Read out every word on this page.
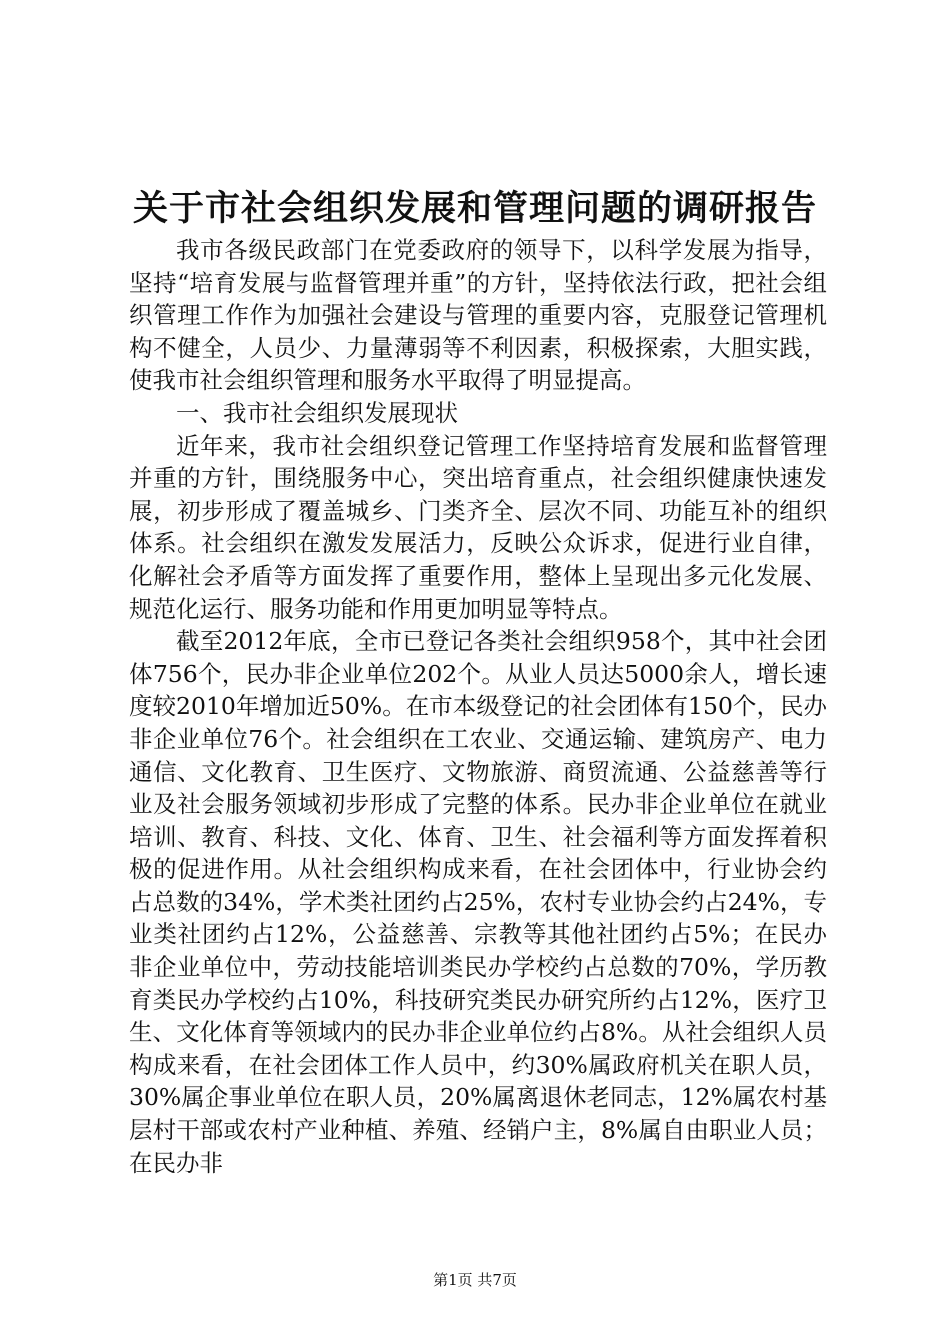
关于市社会组织发展和管理问题的调研报告

我市各级民政部门在党委政府的领导下，以科学发展为指导，坚持“培育发展与监督管理并重”的方针，坚持依法行政，把社会组织管理工作作为加强社会建设与管理的重要内容，克服登记管理机构不健全，人员少、力量薄弱等不利因素，积极探索，大胆实践，使我市社会组织管理和服务水平取得了明显提高。

一、我市社会组织发展现状

近年来，我市社会组织登记管理工作坚持培育发展和监督管理并重的方针，围绕服务中心，突出培育重点，社会组织健康快速发展，初步形成了覆盖城乡、门类齐全、层次不同、功能互补的组织体系。社会组织在激发发展活力，反映公众诉求，促进行业自律，化解社会矛盾等方面发挥了重要作用，整体上呈现出多元化发展、规范化运行、服务功能和作用更加明显等特点。

截至2012年底，全市已登记各类社会组织958个，其中社会团体756个，民办非企业单位202个。从业人员达5000余人，增长速度较2010年增加近50%。在市本级登记的社会团体有150个，民办非企业单位76个。社会组织在工农业、交通运输、建筑房产、电力通信、文化教育、卫生医疗、文物旅游、商贸流通、公益慈善等行业及社会服务领域初步形成了完整的体系。民办非企业单位在就业培训、教育、科技、文化、体育、卫生、社会福利等方面发挥着积极的促进作用。从社会组织构成来看，在社会团体中，行业协会约占总数的34%，学术类社团约占25%，农村专业协会约占24%，专业类社团约占12%，公益慈善、宗教等其他社团约占5%；在民办非企业单位中，劳动技能培训类民办学校约占总数的70%，学历教育类民办学校约占10%，科技研究类民办研究所约占12%，医疗卫生、文化体育等领域内的民办非企业单位约占8%。从社会组织人员构成来看，在社会团体工作人员中，约30%属政府机关在职人员，30%属企事业单位在职人员，20%属离退休老同志，12%属农村基层村干部或农村产业种植、养殖、经销户主，8%属自由职业人员；在民办非

第1页 共7页
